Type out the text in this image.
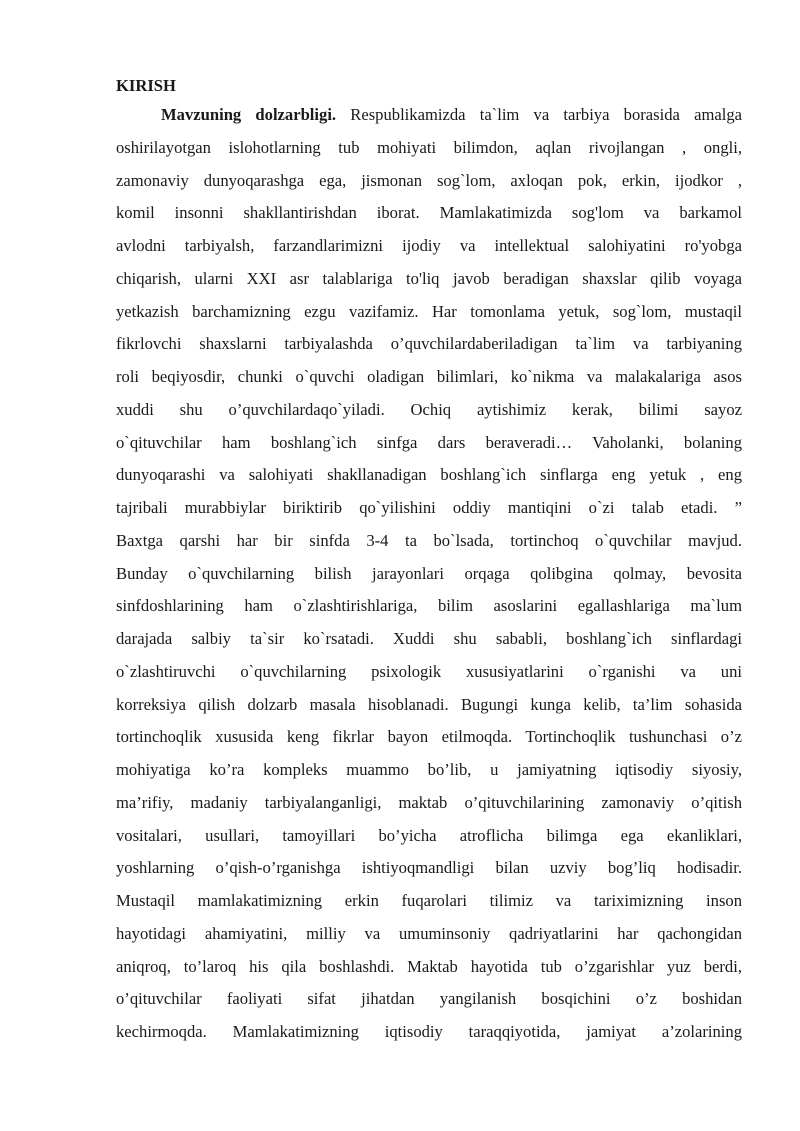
KIRISH
Mavzuning dolzarbligi. Respublikamizda ta`lim va tarbiya borasida amalga
oshirilayotgan islohotlarning tub mohiyati bilimdon, aqlan rivojlangan , ongli,
zamonaviy dunyoqarashga ega, jismonan sog`lom, axloqan pok, erkin, ijodkor ,
komil insonni shakllantirishdan iborat. Mamlakatimizda sog'lom va barkamol
avlodni tarbiyalsh, farzandlarimizni ijodiy va intellektual salohiyatini ro'yobga
chiqarish, ularni XXI asr talablariga to'liq javob beradigan shaxslar qilib voyaga
yetkazish barchamizning ezgu vazifamiz. Har tomonlama yetuk, sog`lom, mustaqil
fikrlovchi shaxslarni tarbiyalashda o’quvchilardaberiladigan ta`lim va tarbiyaning
roli beqiyosdir, chunki o`quvchi oladigan bilimlari, ko`nikma va malakalariga asos
xuddi shu o’quvchilardaqo`yiladi. Ochiq aytishimiz kerak, bilimi sayoz
o`qituvchilar ham boshlang`ich sinfga dars beraveradi… Vaholanki, bolaning
dunyoqarashi va salohiyati shakllanadigan boshlang`ich sinflarga eng yetuk , eng
tajribali murabbiylar biriktirib qo`yilishini oddiy mantiqini o`zi talab etadi. ”
Baxtga qarshi har bir sinfda 3-4 ta bo`lsada, tortinchoq o`quvchilar mavjud.
Bunday o`quvchilarning bilish jarayonlari orqaga qolibgina qolmay, bevosita
sinfdoshlarining ham o`zlashtirishlariga, bilim asoslarini egallashlariga ma`lum
darajada salbiy ta`sir ko`rsatadi. Xuddi shu sababli, boshlang`ich sinflardagi
o`zlashtiruvchi o`quvchilarning psixologik xususiyatlarini o`rganishi va uni
korreksiya qilish dolzarb masala hisoblanadi. Bugungi kunga kelib, ta’lim sohasida
tortinchoqlik xususida keng fikrlar bayon etilmoqda. Tortinchoqlik tushunchasi o’z
mohiyatiga ko’ra kompleks muammo bo’lib, u jamiyatning iqtisodiy siyosiy,
ma’rifiy, madaniy tarbiyalanganligi, maktab o’qituvchilarining zamonaviy o’qitish
vositalari, usullari, tamoyillari bo’yicha atroflicha bilimga ega ekanliklari,
yoshlarning o’qish-o’rganishga ishtiyoqmandligi bilan uzviy bog’liq hodisadir.
Mustaqil mamlakatimizning erkin fuqarolari tilimiz va tariximizning inson
hayotidagi ahamiyatini, milliy va umuminsoniy qadriyatlarini har qachongidan
aniqroq, to’laroq his qila boshlashdi. Maktab hayotida tub o’zgarishlar yuz berdi,
o’qituvchilar faoliyati sifat jihatdan yangilanish bosqichini o’z boshidan
kechirmoqda. Mamlakatimizning iqtisodiy taraqqiyotida, jamiyat a’zolarining
